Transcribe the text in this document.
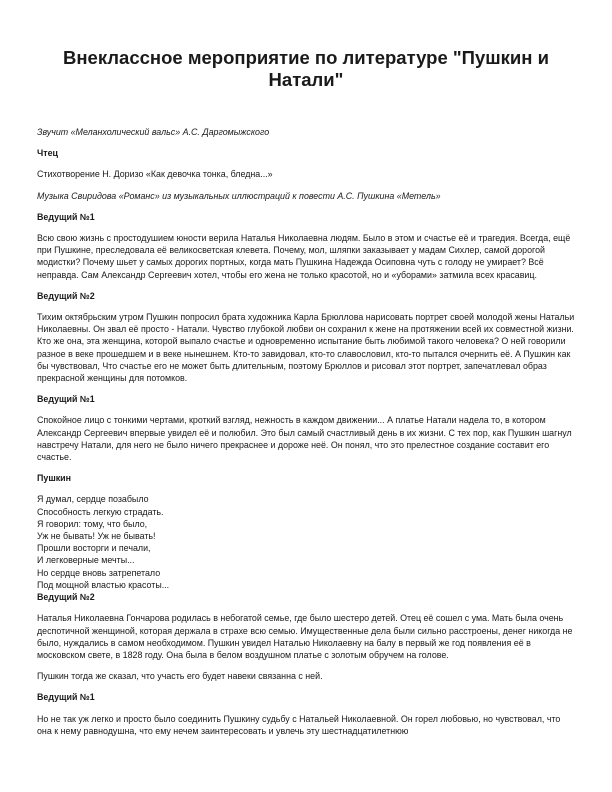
Внеклассное мероприятие по литературе "Пушкин и Натали"
Звучит «Меланхолический вальс» А.С. Даргомыжского
Чтец
Стихотворение Н. Доризо «Как девочка тонка, бледна...»
Музыка Свиридова «Романс» из музыкальных иллюстраций к повести А.С. Пушкина «Метель»
Ведущий №1
Всю свою жизнь с простодушием юности верила Наталья Николаевна людям. Было в этом и счастье её и трагедия. Всегда, ещё при Пушкине, преследовала её великосветская клевета. Почему, мол, шляпки заказывает у мадам Сихлер, самой дорогой модистки? Почему шьет у самых дорогих портных, когда мать Пушкина Надежда Осиповна чуть с голоду не умирает? Всё неправда. Сам Александр Сергеевич хотел, чтобы его жена не только красотой, но и «уборами» затмила всех красавиц.
Ведущий №2
Тихим октябрьским утром Пушкин попросил брата художника Карла Брюллова нарисовать портрет своей молодой жены Натальи Николаевны. Он звал её просто - Натали. Чувство глубокой любви он сохранил к жене на протяжении всей их совместной жизни. Кто же она, эта женщина, которой выпало счастье и одновременно испытание быть любимой такого человека? О ней говорили разное в веке прошедшем и в веке нынешнем. Кто-то завидовал, кто-то славословил, кто-то пытался очернить её. А Пушкин как бы чувствовал, Что счастье его не может быть длительным, поэтому Брюллов и рисовал этот портрет, запечатлевал образ прекрасной женщины для потомков.
Ведущий №1
Спокойное лицо с тонкими чертами, кроткий взгляд, нежность в каждом движении... А платье Натали надела то, в котором Александр Сергеевич впервые увидел её и полюбил. Это был самый счастливый день в их жизни. С тех пор, как Пушкин шагнул навстречу Натали, для него не было ничего прекраснее и дороже неё. Он понял, что это прелестное создание составит его счастье.
Пушкин
Я думал, сердце позабыло
Способность легкую страдать.
Я говорил: тому, что было,
Уж не бывать! Уж не бывать!
Прошли восторги и печали,
И легковерные мечты...
Но сердце вновь затрепетало
Под мощной властью красоты...
Ведущий №2
Наталья Николаевна Гончарова родилась в небогатой семье, где было шестеро детей. Отец её сошел с ума. Мать была очень деспотичной женщиной, которая держала в страхе всю семью. Имущественные дела были сильно расстроены, денег никогда не было, нуждались в самом необходимом. Пушкин увидел Наталью Николаевну на балу в первый же год появления её в московском свете, в 1828 году. Она была в белом воздушном платье с золотым обручем на голове.
Пушкин тогда же сказал, что участь его будет навеки связанна с ней.
Ведущий №1
Но не так уж легко и просто было соединить Пушкину судьбу с Натальей Николаевной. Он горел любовью, но чувствовал, что она к нему равнодушна, что ему нечем заинтересовать и увлечь эту шестнадцатилетнюю
